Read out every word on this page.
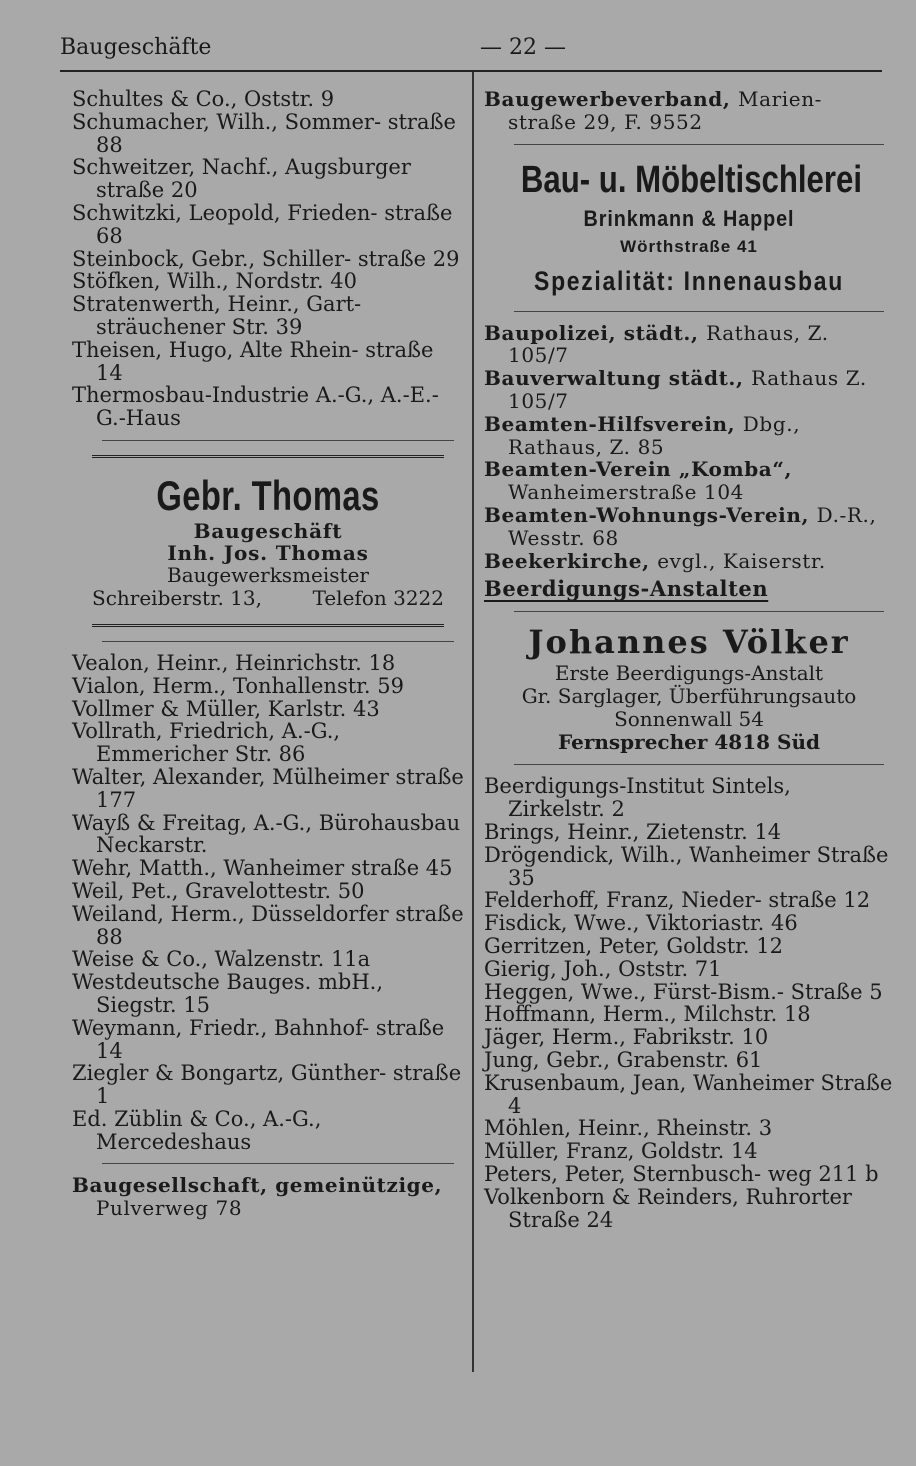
Baugeschäfte	— 22 —
Schultes & Co., Oststr. 9
Schumacher, Wilh., Sommer- straße 88
Schweitzer, Nachf., Augsburger straße 20
Schwitzki, Leopold, Frieden- straße 68
Steinbock, Gebr., Schiller- straße 29
Stöfken, Wilh., Nordstr. 40
Stratenwerth, Heinr., Gart- sträuchener Str. 39
Theisen, Hugo, Alte Rhein- straße 14
Thermosbau-Industrie A.-G., A.-E.-G.-Haus
Gebr. Thomas
Baugeschäft
Inh. Jos. Thomas
Baugewerksmeister
Schreiberstr. 13,	Telefon 3222
Vealon, Heinr., Heinrichstr. 18
Vialon, Herm., Tonhallenstr. 59
Vollmer & Müller, Karlstr. 43
Vollrath, Friedrich, A.-G., Emmericher Str. 86
Walter, Alexander, Mülheimer straße 177
Wayß & Freitag, A.-G., Bürohausbau Neckarstr.
Wehr, Matth., Wanheimer straße 45
Weil, Pet., Gravelottestr. 50
Weiland, Herm., Düsseldorfer straße 88
Weise & Co., Walzenstr. 11a
Westdeutsche Bauges. mbH., Siegstr. 15
Weymann, Friedr., Bahnhof- straße 14
Ziegler & Bongartz, Günther- straße 1
Ed. Züblin & Co., A.-G., Mercedeshaus
Baugesellschaft, gemeinützige, Pulverweg 78
Baugewerbeverband, Marien- straße 29, F. 9552
Bau- u. Möbeltischlerei
Brinkmann & Happel
Wörthstraße 41
Spezialität: Innenausbau
Baupolizei, städt., Rathaus, Z. 105/7
Bauverwaltung städt., Rathaus Z. 105/7
Beamten-Hilfsverein, Dbg., Rathaus, Z. 85
Beamten-Verein „Komba“, Wanheimerstraße 104
Beamten-Wohnungs-Verein, D.-R., Wesstr. 68
Beekerkirche, evgl., Kaiserstr.
Beerdigungs-Anstalten
Johannes Völker
Erste Beerdigungs-Anstalt
Gr. Sarglager, Überführungsauto
Sonnenwall 54
Fernsprecher 4818 Süd
Beerdigungs-Institut Sintels, Zirkelstr. 2
Brings, Heinr., Zietenstr. 14
Drögendick, Wilh., Wanheimer Straße 35
Felderhoff, Franz, Nieder- straße 12
Fisdick, Wwe., Viktoriastr. 46
Gerritzen, Peter, Goldstr. 12
Gierig, Joh., Oststr. 71
Heggen, Wwe., Fürst-Bism.- Straße 5
Hoffmann, Herm., Milchstr. 18
Jäger, Herm., Fabrikstr. 10
Jung, Gebr., Grabenstr. 61
Krusenbaum, Jean, Wanheimer Straße 4
Möhlen, Heinr., Rheinstr. 3
Müller, Franz, Goldstr. 14
Peters, Peter, Sternbusch- weg 211 b
Volkenborn & Reinders, Ruhrorter Straße 24
